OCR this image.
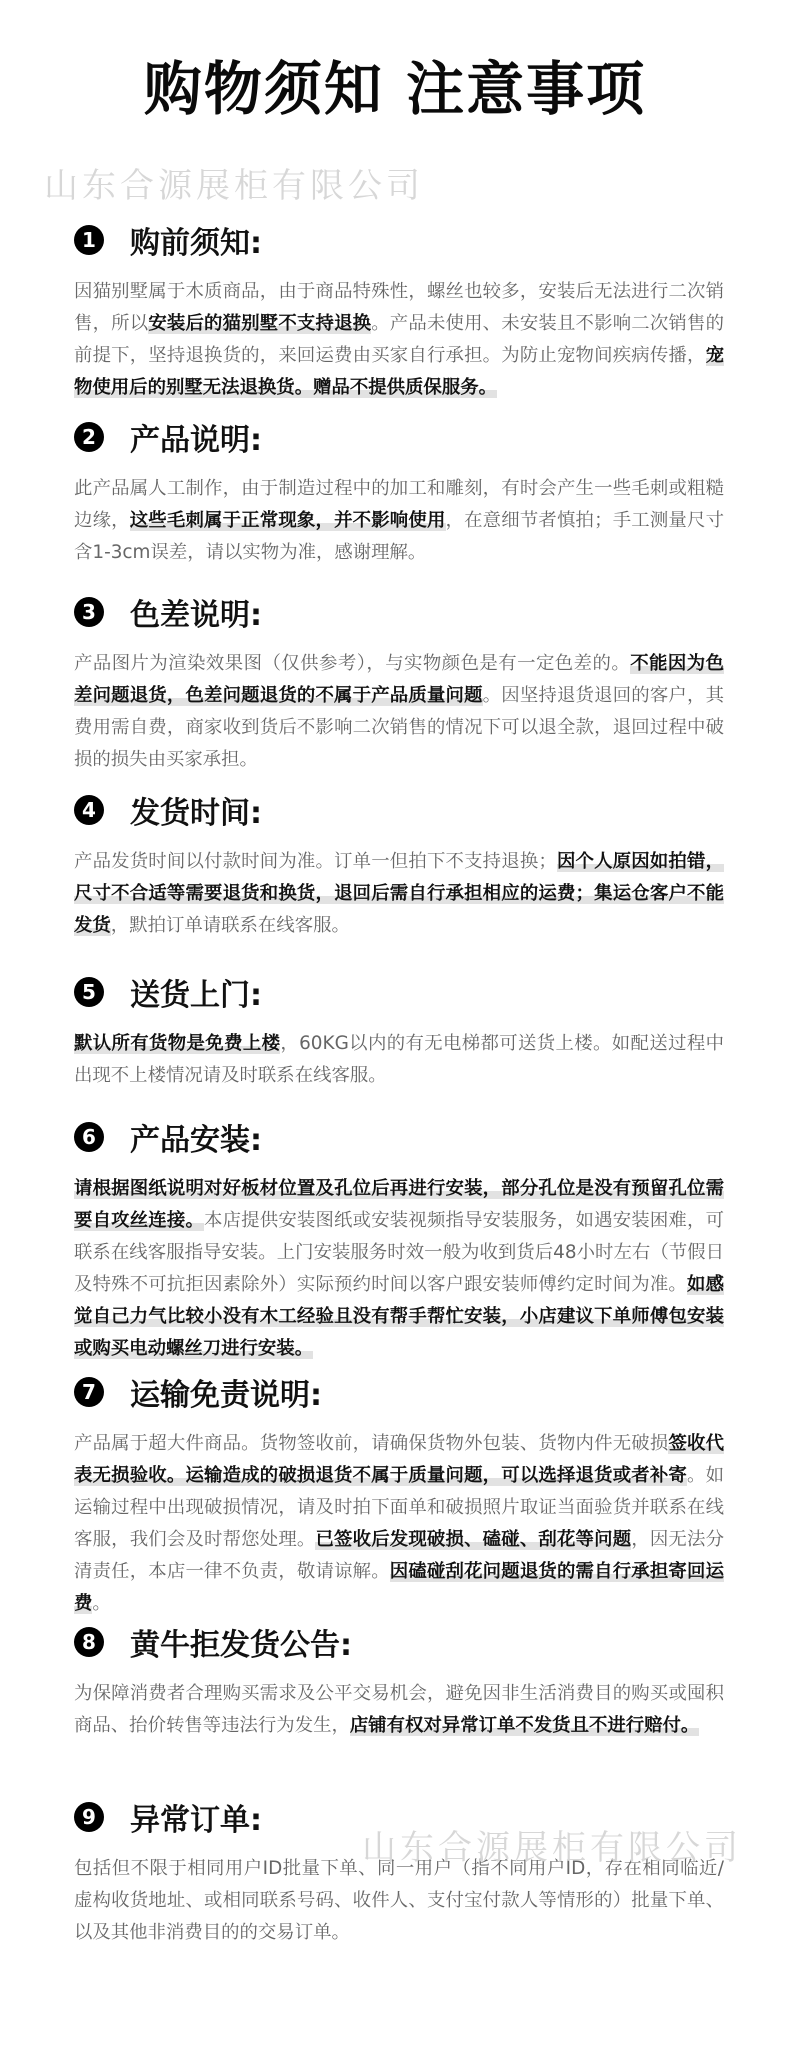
购物须知 注意事项
山东合源展柜有限公司
1 购前须知:
因猫别墅属于木质商品，由于商品特殊性，螺丝也较多，安装后无法进行二次销售，所以安装后的猫别墅不支持退换。产品未使用、未安装且不影响二次销售的前提下，坚持退换货的，来回运费由买家自行承担。为防止宠物间疾病传播，宠物使用后的别墅无法退换货。赠品不提供质保服务。
2 产品说明:
此产品属人工制作，由于制造过程中的加工和雕刻，有时会产生一些毛刺或粗糙边缘，这些毛刺属于正常现象，并不影响使用，在意细节者慎拍；手工测量尺寸含1-3cm误差，请以实物为准，感谢理解。
3 色差说明:
产品图片为渲染效果图（仅供参考），与实物颜色是有一定色差的。不能因为色差问题退货，色差问题退货的不属于产品质量问题。因坚持退货退回的客户，其费用需自费，商家收到货后不影响二次销售的情况下可以退全款，退回过程中破损的损失由买家承担。
4 发货时间:
产品发货时间以付款时间为准。订单一但拍下不支持退换；因个人原因如拍错，尺寸不合适等需要退货和换货，退回后需自行承担相应的运费；集运仓客户不能发货，默拍订单请联系在线客服。
5 送货上门:
默认所有货物是免费上楼，60KG以内的有无电梯都可送货上楼。如配送过程中出现不上楼情况请及时联系在线客服。
6 产品安装:
请根据图纸说明对好板材位置及孔位后再进行安装，部分孔位是没有预留孔位需要自攻丝连接。本店提供安装图纸或安装视频指导安装服务，如遇安装困难，可联系在线客服指导安装。上门安装服务时效一般为收到货后48小时左右（节假日及特殊不可抗拒因素除外）实际预约时间以客户跟安装师傅约定时间为准。如感觉自己力气比较小没有木工经验且没有帮手帮忙安装，小店建议下单师傅包安装或购买电动螺丝刀进行安装。
7 运输免责说明:
产品属于超大件商品。货物签收前，请确保货物外包装、货物内件无破损签收代表无损验收。运输造成的破损退货不属于质量问题，可以选择退货或者补寄。如运输过程中出现破损情况，请及时拍下面单和破损照片取证当面验货并联系在线客服，我们会及时帮您处理。已签收后发现破损、磕碰、刮花等问题，因无法分清责任，本店一律不负责，敬请谅解。因磕碰刮花问题退货的需自行承担寄回运费。
8 黄牛拒发货公告:
为保障消费者合理购买需求及公平交易机会，避免因非生活消费目的购买或囤积商品、抬价转售等违法行为发生，店铺有权对异常订单不发货且不进行赔付。
9 异常订单:
包括但不限于相同用户ID批量下单、同一用户（指不同用户ID，存在相同临近/虚构收货地址、或相同联系号码、收件人、支付宝付款人等情形的）批量下单、以及其他非消费目的的交易订单。
山东合源展柜有限公司
